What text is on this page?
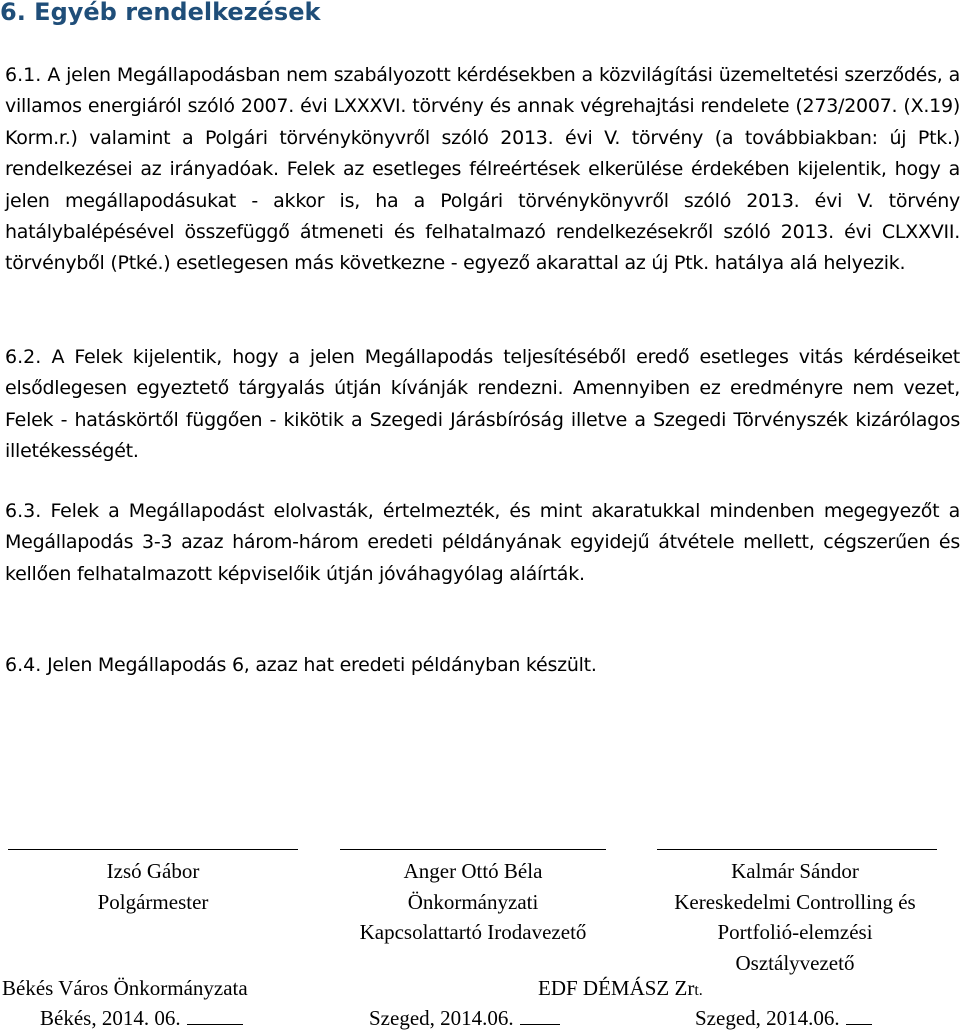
6. Egyéb rendelkezések
6.1. A jelen Megállapodásban nem szabályozott kérdésekben a közvilágítási üzemeltetési szerződés, a villamos energiáról szóló 2007. évi LXXXVI. törvény és annak végrehajtási rendelete (273/2007. (X.19) Korm.r.) valamint a Polgári törvénykönyvről szóló 2013. évi V. törvény (a továbbiakban: új Ptk.) rendelkezései az irányadóak. Felek az esetleges félreértések elkerülése érdekében kijelentik, hogy a jelen megállapodásukat - akkor is, ha a Polgári törvénykönyvről szóló 2013. évi V. törvény hatálybalépésével összefüggő átmeneti és felhatalmazó rendelkezésekről szóló 2013. évi CLXXVII. törvényből (Ptké.) esetlegesen más következne - egyező akarattal az új Ptk. hatálya alá helyezik.
6.2. A Felek kijelentik, hogy a jelen Megállapodás teljesítéséből eredő esetleges vitás kérdéseiket elsődlegesen egyeztető tárgyalás útján kívánják rendezni. Amennyiben ez eredményre nem vezet, Felek - hatáskörtől függően - kikötik a Szegedi Járásbíróság illetve a Szegedi Törvényszék kizárólagos illetékességét.
6.3. Felek a Megállapodást elolvasták, értelmezték, és mint akaratukkal mindenben megegyezőt a Megállapodás 3-3 azaz három-három eredeti példányának egyidejű átvétele mellett, cégszerűen és kellően felhatalmazott képviselőik útján jóváhagyólag aláírták.
6.4. Jelen Megállapodás 6, azaz hat eredeti példányban készült.
Izsó Gábor
Polgármester
Anger Ottó Béla
Önkormányzati
Kapcsolattartó Irodavezető
Kalmár Sándor
Kereskedelmi Controlling és
Portfolió-elemzési
Osztályvezető
Békés Város Önkormányzata	EDF DÉMÁSZ Zrt.
Békés, 2014. 06.	Szeged, 2014.06.	Szeged, 2014.06.
